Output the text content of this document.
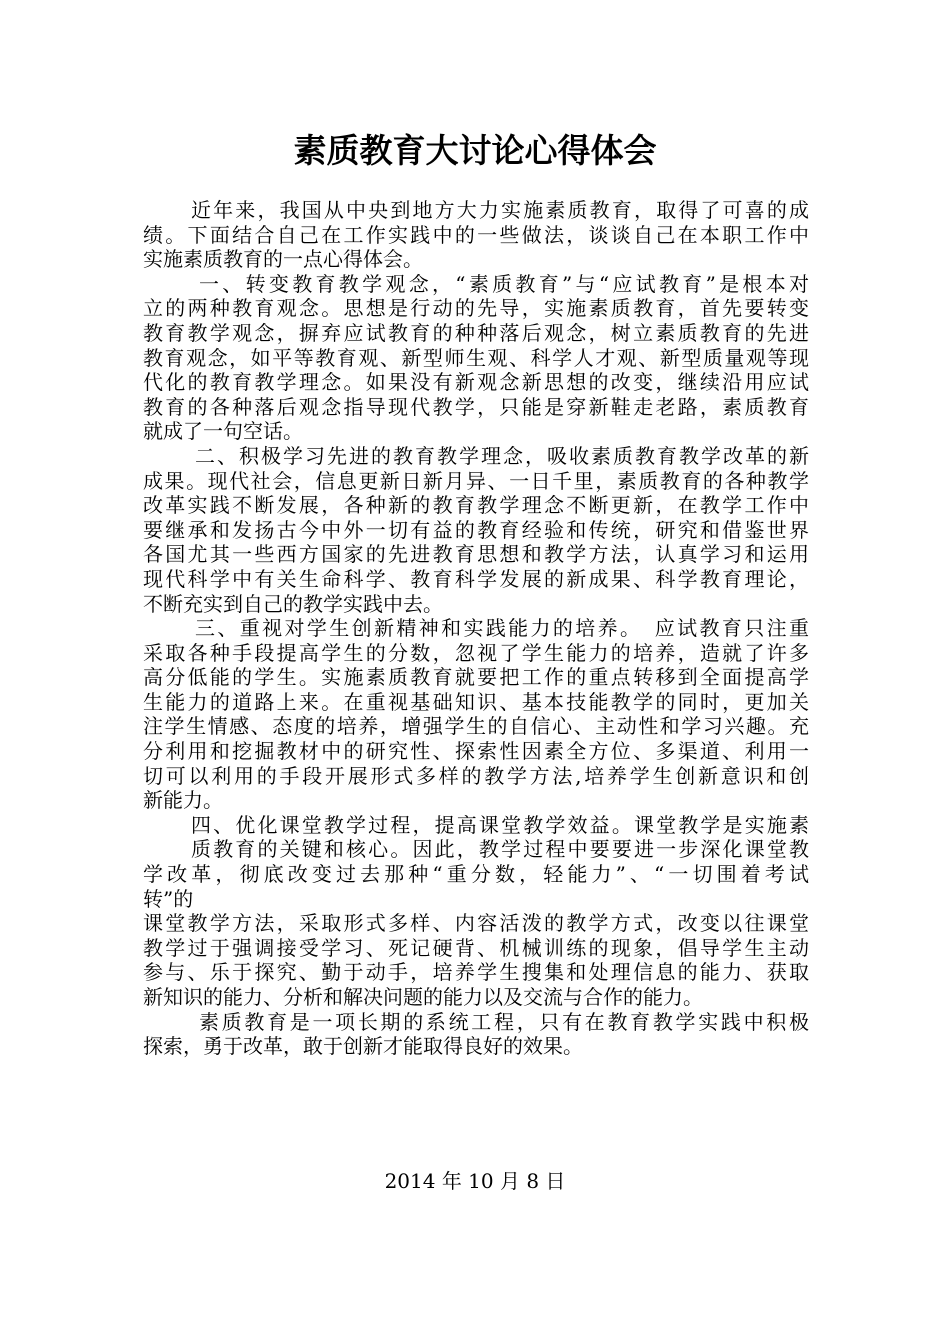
素质教育大讨论心得体会
近年来，我国从中央到地方大力实施素质教育，取得了可喜的成
绩。下面结合自己在工作实践中的一些做法，谈谈自己在本职工作中
实施素质教育的一点心得体会。
一、转变教育教学观念，“素质教育”与“应试教育”是根本对
立的两种教育观念。思想是行动的先导，实施素质教育，首先要转变
教育教学观念，摒弃应试教育的种种落后观念，树立素质教育的先进
教育观念，如平等教育观、新型师生观、科学人才观、新型质量观等现
代化的教育教学理念。如果没有新观念新思想的改变，继续沿用应试
教育的各种落后观念指导现代教学，只能是穿新鞋走老路，素质教育
就成了一句空话。
二、积极学习先进的教育教学理念，吸收素质教育教学改革的新
成果。现代社会，信息更新日新月异、一日千里，素质教育的各种教学
改革实践不断发展，各种新的教育教学理念不断更新，在教学工作中
要继承和发扬古今中外一切有益的教育经验和传统，研究和借鉴世界
各国尤其一些西方国家的先进教育思想和教学方法，认真学习和运用
现代科学中有关生命科学、教育科学发展的新成果、科学教育理论，
不断充实到自己的教学实践中去。
三、重视对学生创新精神和实践能力的培养。　应试教育只注重
采取各种手段提高学生的分数，忽视了学生能力的培养，造就了许多
高分低能的学生。实施素质教育就要把工作的重点转移到全面提高学
生能力的道路上来。在重视基础知识、基本技能教学的同时，更加关
注学生情感、态度的培养，增强学生的自信心、主动性和学习兴趣。充
分利用和挖掘教材中的研究性、探索性因素全方位、多渠道、利用一
切可以利用的手段开展形式多样的教学方法,培养学生创新意识和创
新能力。
四、优化课堂教学过程，提高课堂教学效益。课堂教学是实施素
质教育的关键和核心。因此，教学过程中要要进一步深化课堂教
学改革，彻底改变过去那种“重分数，轻能力”、“一切围着考试
转”的
课堂教学方法，采取形式多样、内容活泼的教学方式，改变以往课堂
教学过于强调接受学习、死记硬背、机械训练的现象，倡导学生主动
参与、乐于探究、勤于动手，培养学生搜集和处理信息的能力、获取
新知识的能力、分析和解决问题的能力以及交流与合作的能力。
素质教育是一项长期的系统工程，只有在教育教学实践中积极
探索，勇于改革，敢于创新才能取得良好的效果。
2014 年 10 月 8 日
